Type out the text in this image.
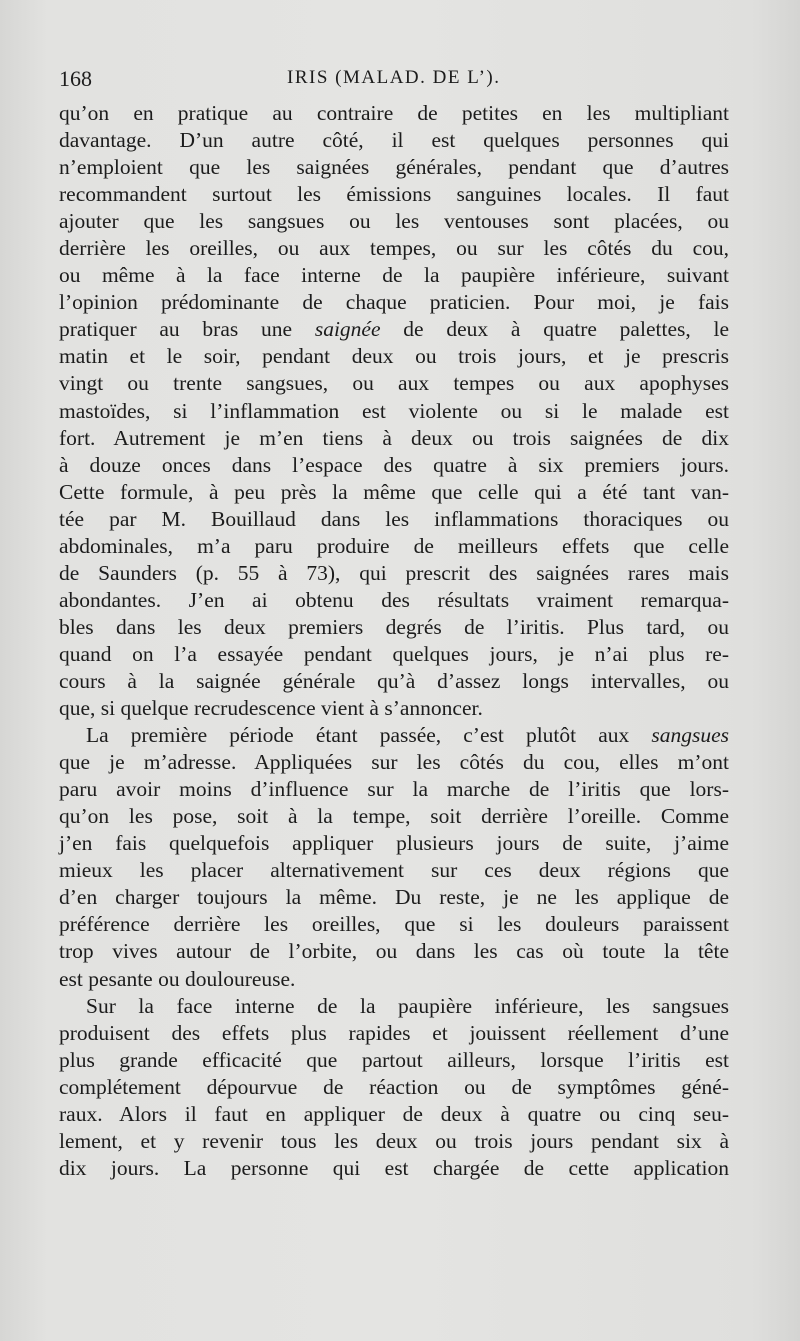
168	IRIS (MALAD. DE L’).
qu’on en pratique au contraire de petites en les multipliant
davantage. D’un autre côté, il est quelques personnes qui
n’emploient que les saignées générales, pendant que d’autres
recommandent surtout les émissions sanguines locales. Il faut
ajouter que les sangsues ou les ventouses sont placées, ou
derrière les oreilles, ou aux tempes, ou sur les côtés du cou,
ou même à la face interne de la paupière inférieure, suivant
l’opinion prédominante de chaque praticien. Pour moi, je fais
pratiquer au bras une saignée de deux à quatre palettes, le
matin et le soir, pendant deux ou trois jours, et je prescris
vingt ou trente sangsues, ou aux tempes ou aux apophyses
mastoïdes, si l’inflammation est violente ou si le malade est
fort. Autrement je m’en tiens à deux ou trois saignées de dix
à douze onces dans l’espace des quatre à six premiers jours.
Cette formule, à peu près la même que celle qui a été tant van-
tée par M. Bouillaud dans les inflammations thoraciques ou
abdominales, m’a paru produire de meilleurs effets que celle
de Saunders (p. 55 à 73), qui prescrit des saignées rares mais
abondantes. J’en ai obtenu des résultats vraiment remarqua-
bles dans les deux premiers degrés de l’iritis. Plus tard, ou
quand on l’a essayée pendant quelques jours, je n’ai plus re-
cours à la saignée générale qu’à d’assez longs intervalles, ou
que, si quelque recrudescence vient à s’annoncer.
La première période étant passée, c’est plutôt aux sangsues
que je m’adresse. Appliquées sur les côtés du cou, elles m’ont
paru avoir moins d’influence sur la marche de l’iritis que lors-
qu’on les pose, soit à la tempe, soit derrière l’oreille. Comme
j’en fais quelquefois appliquer plusieurs jours de suite, j’aime
mieux les placer alternativement sur ces deux régions que
d’en charger toujours la même. Du reste, je ne les applique de
préférence derrière les oreilles, que si les douleurs paraissent
trop vives autour de l’orbite, ou dans les cas où toute la tête
est pesante ou douloureuse.
Sur la face interne de la paupière inférieure, les sangsues
produisent des effets plus rapides et jouissent réellement d’une
plus grande efficacité que partout ailleurs, lorsque l’iritis est
complétement dépourvue de réaction ou de symptômes géné-
raux. Alors il faut en appliquer de deux à quatre ou cinq seu-
lement, et y revenir tous les deux ou trois jours pendant six à
dix jours. La personne qui est chargée de cette application
